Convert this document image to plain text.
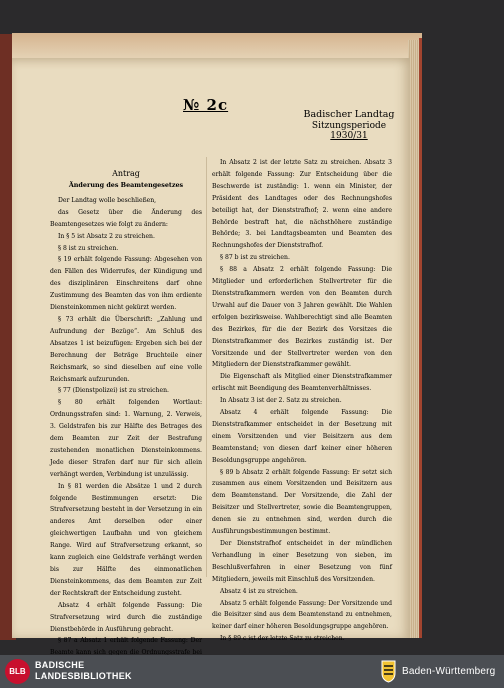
№ 2c
Badischer Landtag
Sitzungsperiode
1930/31

Antrag

Änderung des Beamtengesetzes

Der Landtag wolle beschließen,

das Gesetz über die Änderung des Beamtengesetzes wie folgt zu ändern:

In § 5 ist Absatz 2 zu streichen.

§ 8 ist zu streichen.

§ 19 erhält folgende Fassung: Abgesehen von den Fällen des Widerrufes, der Kündigung und des disziplinären Einschreitens darf ohne Zustimmung des Beamten das von ihm erdiente Diensteinkommen nicht gekürzt werden.

§ 73 erhält die Überschrift: „Zahlung und Aufrundung der Bezüge“. Am Schluß des Absatzes 1 ist beizufügen: Ergeben sich bei der Berechnung der Beträge Bruchteile einer Reichsmark, so sind dieselben auf eine volle Reichsmark aufzurunden.

§ 77 (Dienstpolizei) ist zu streichen.

§ 80 erhält folgenden Wortlaut: Ordnungsstrafen sind: 1. Warnung, 2. Verweis, 3. Geldstrafen bis zur Hälfte des Betrages des dem Beamten zur Zeit der Bestrafung zustehenden monatlichen Diensteinkommens. Jede dieser Strafen darf nur für sich allein verhängt werden, Verbindung ist unzulässig.

In § 81 werden die Absätze 1 und 2 durch folgende Bestimmungen ersetzt: Die Strafversetzung besteht in der Versetzung in ein anderes Amt derselben oder einer gleichwertigen Laufbahn und von gleichem Range. Wird auf Strafversetzung erkannt, so kann zugleich eine Geldstrafe verhängt werden bis zur Hälfte des einmonatlichen Diensteinkommens, das dem Beamten zur Zeit der Rechtskraft der Entscheidung zusteht.

Absatz 4 erhält folgende Fassung: Die Strafversetzung wird durch die zuständige Dienstbehörde in Ausführung gebracht.

§ 87 a Absatz 1 erhält folgende Fassung: Der Beamte kann sich gegen die Ordnungsstrafe bei

In Absatz 2 ist der letzte Satz zu streichen. Absatz 3 erhält folgende Fassung: Zur Entscheidung über die Beschwerde ist zuständig: 1. wenn ein Minister, der Präsident des Landtages oder des Rechnungshofes beteiligt hat, der Dienststrafhof; 2. wenn eine andere Behörde bestraft hat, die nächsthöhere zuständige Behörde; 3. bei Landtagsbeamten und Beamten des Rechnungshofes der Dienststrafhof.

§ 87 b ist zu streichen.

§ 88 a Absatz 2 erhält folgende Fassung: Die Mitglieder und erforderlichen Stellvertreter für die Dienststrafkammern werden von den Beamten durch Urwahl auf die Dauer von 3 Jahren gewählt. Die Wahlen erfolgen bezirksweise. Wahlberechtigt sind alle Beamten des Bezirkes, für die der Bezirk des Vorsitzes die Dienststrafkammer des Bezirkes zuständig ist. Der Vorsitzende und der Stellvertreter werden von den Mitgliedern der Dienststrafkammer gewählt.

Die Eigenschaft als Mitglied einer Dienststrafkammer erlischt mit Beendigung des Beamtenverhältnisses.

In Absatz 3 ist der 2. Satz zu streichen.

Absatz 4 erhält folgende Fassung: Die Dienststrafkammer entscheidet in der Besetzung mit einem Vorsitzenden und vier Beisitzern aus dem Beamtenstand; von diesen darf keiner einer höheren Besoldungsgruppe angehören.

§ 89 b Absatz 2 erhält folgende Fassung: Er setzt sich zusammen aus einem Vorsitzenden und Beisitzern aus dem Beamtenstand. Der Vorsitzende, die Zahl der Beisitzer und Stellvertreter, sowie die Beamtengruppen, denen sie zu entnehmen sind, werden durch die Ausführungsbestimmungen bestimmt.

Der Dienststrafhof entscheidet in der mündlichen Verhandlung in einer Besetzung von sieben, im Beschlußverfahren in einer Besetzung von fünf Mitgliedern, jeweils mit Einschluß des Vorsitzenden.

Absatz 4 ist zu streichen.

Absatz 5 erhält folgende Fassung: Der Vorsitzende und die Beisitzer sind aus dem Beamtenstand zu entnehmen, keiner darf einer höheren Besoldungsgruppe angehören.

In § 89 c ist der letzte Satz zu streichen.

BLB
BADISCHE
LANDESBIBLIOTHEK	Baden-Württemberg
